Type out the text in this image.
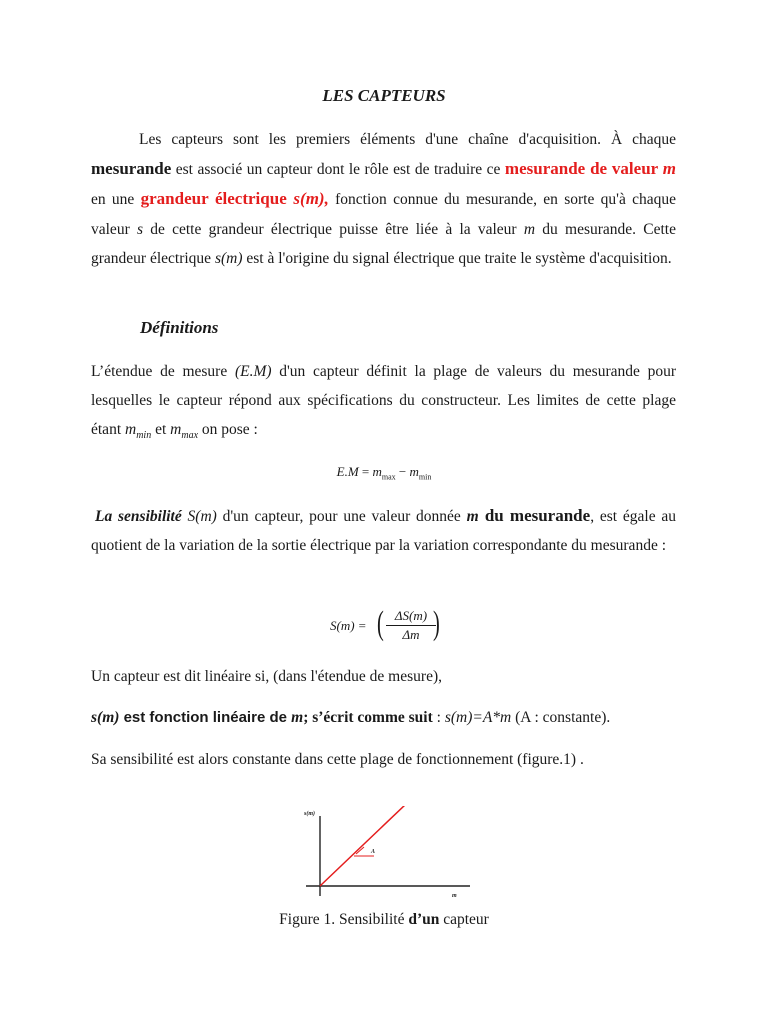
LES CAPTEURS

Les capteurs sont les premiers éléments d'une chaîne d'acquisition. À chaque mesurande est associé un capteur dont le rôle est de traduire ce mesurande de valeur m en une grandeur électrique s(m), fonction connue du mesurande, en sorte qu'à chaque valeur s de cette grandeur électrique puisse être liée à la valeur m du mesurande. Cette grandeur électrique s(m) est à l'origine du signal électrique que traite le système d'acquisition.

Définitions

L’étendue de mesure (E.M) d'un capteur définit la plage de valeurs du mesurande pour lesquelles le capteur répond aux spécifications du constructeur. Les limites de cette plage étant $m_{min}$ et $m_{max}$ on pose :

$E.M = m_{max} - m_{min}$

La sensibilité S(m) d'un capteur, pour une valeur donnée m du mesurande, est égale au quotient de la variation de la sortie électrique par la variation correspondante du mesurande :

S(m) = ( $\frac{\Delta S(m)}{\Delta m}$
)
Un capteur est dit linéaire si, (dans l'étendue de mesure),
s(m) est fonction linéaire de m; s’écrit comme suit : s(m)=A*m (A : constante).
Sa sensibilité est alors constante dans cette plage de fonctionnement (figure.1) .
s(m)
m
A
Figure 1. Sensibilité d’un capteur
